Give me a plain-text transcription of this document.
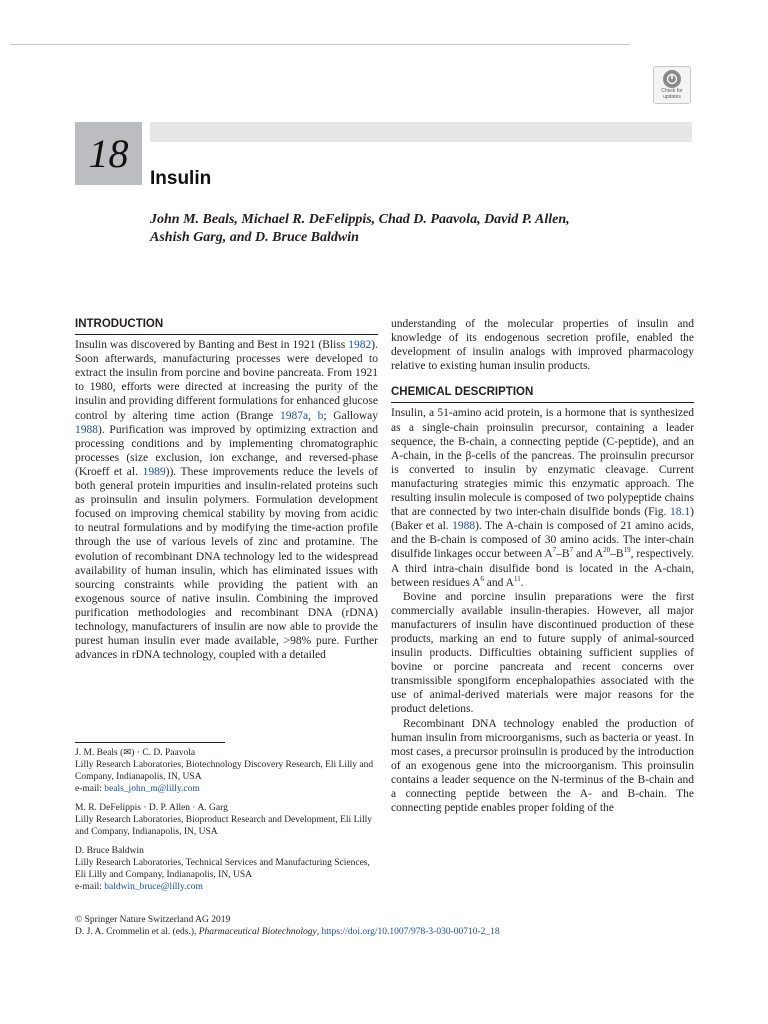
Check for
updates
18
Insulin
John M. Beals, Michael R. DeFelippis, Chad D. Paavola, David P. Allen,
Ashish Garg, and D. Bruce Baldwin
INTRODUCTION

Insulin was discovered by Banting and Best in 1921 (Bliss 1982). Soon afterwards, manufacturing processes were developed to extract the insulin from porcine and bovine pancreata. From 1921 to 1980, efforts were directed at increasing the purity of the insulin and providing different formulations for enhanced glucose control by altering time action (Brange 1987a, b; Galloway 1988). Purification was improved by optimizing extraction and processing conditions and by implementing chromatographic processes (size exclusion, ion exchange, and reversed-phase (Kroeff et al. 1989)). These improvements reduce the levels of both general protein impurities and insulin-related proteins such as proinsulin and insulin polymers. Formulation development focused on improving chemical stability by moving from acidic to neutral formulations and by modifying the time-action profile through the use of various levels of zinc and protamine. The evolution of recombinant DNA technology led to the widespread availability of human insulin, which has eliminated issues with sourcing constraints while providing the patient with an exogenous source of native insulin. Combining the improved purification methodologies and recombinant DNA (rDNA) technology, manufacturers of insulin are now able to provide the purest human insulin ever made available, >98% pure. Further advances in rDNA technology, coupled with a detailed

understanding of the molecular properties of insulin and knowledge of its endogenous secretion profile, enabled the development of insulin analogs with improved pharmacology relative to existing human insulin products.

CHEMICAL DESCRIPTION

Insulin, a 51-amino acid protein, is a hormone that is synthesized as a single-chain proinsulin precursor, containing a leader sequence, the B-chain, a connecting peptide (C-peptide), and an A-chain, in the β-cells of the pancreas. The proinsulin precursor is converted to insulin by enzymatic cleavage. Current manufacturing strategies mimic this enzymatic approach. The resulting insulin molecule is composed of two polypeptide chains that are connected by two inter-chain disulfide bonds (Fig. 18.1) (Baker et al. 1988). The A-chain is composed of 21 amino acids, and the B-chain is composed of 30 amino acids. The inter-chain disulfide linkages occur between $A^7-B^7$ and $A^{20}-B^{19}$, respectively. A third intra-chain disulfide bond is located in the A-chain, between residues $A^6$ and $A^{11}$.

Bovine and porcine insulin preparations were the first commercially available insulin-therapies. However, all major manufacturers of insulin have discontinued production of these products, marking an end to future supply of animal-sourced insulin products. Difficulties obtaining sufficient supplies of bovine or porcine pancreata and recent concerns over transmissible spongiform encephalopathies associated with the use of animal-derived materials were major reasons for the product deletions.

Recombinant DNA technology enabled the production of human insulin from microorganisms, such as bacteria or yeast. In most cases, a precursor proinsulin is produced by the introduction of an exogenous gene into the microorganism. This proinsulin contains a leader sequence on the N-terminus of the B-chain and a connecting peptide between the A- and B-chain. The connecting peptide enables proper folding of the

J. M. Beals (✉) · C. D. Paavola
Lilly Research Laboratories, Biotechnology Discovery Research, Eli Lilly and Company, Indianapolis, IN, USA
e-mail: beals_john_m@lilly.com
M. R. DeFelippis · D. P. Allen · A. Garg
Lilly Research Laboratories, Bioproduct Research and Development, Eli Lilly and Company, Indianapolis, IN, USA
D. Bruce Baldwin
Lilly Research Laboratories, Technical Services and Manufacturing Sciences, Eli Lilly and Company, Indianapolis, IN, USA
e-mail: baldwin_bruce@lilly.com
© Springer Nature Switzerland AG 2019
D. J. A. Crommelin et al. (eds.), Pharmaceutical Biotechnology, https://doi.org/10.1007/978-3-030-00710-2_18
